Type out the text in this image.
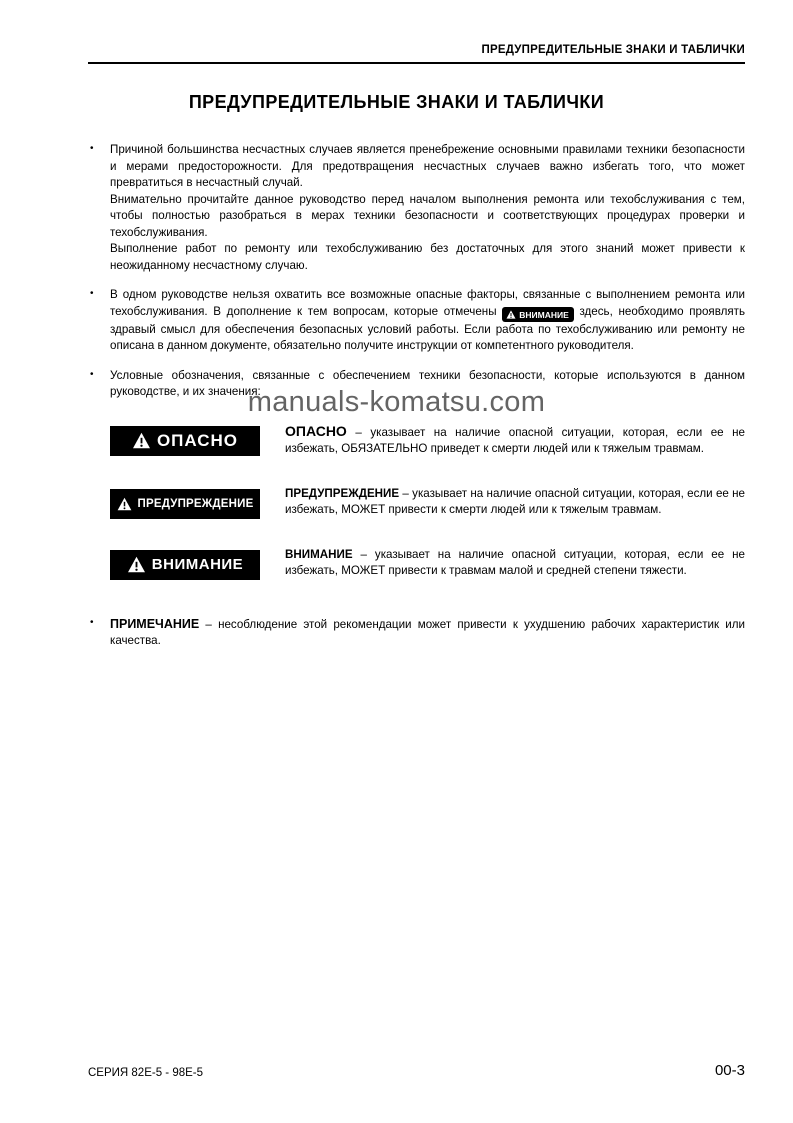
ПРЕДУПРЕДИТЕЛЬНЫЕ ЗНАКИ И ТАБЛИЧКИ
ПРЕДУПРЕДИТЕЛЬНЫЕ ЗНАКИ И ТАБЛИЧКИ
manuals-komatsu.com

• Причиной большинства несчастных случаев является пренебрежение основными правилами техники безопасности и мерами предосторожности. Для предотвращения несчастных случаев важно избегать того, что может превратиться в несчастный случай.

Внимательно прочитайте данное руководство перед началом выполнения ремонта или техобслуживания с тем, чтобы полностью разобраться в мерах техники безопасности и соответствующих процедурах проверки и техобслуживания.

Выполнение работ по ремонту или техобслуживанию без достаточных для этого знаний может привести к неожиданному несчастному случаю.

• В одном руководстве нельзя охватить все возможные опасные факторы, связанные с выполнением ремонта или техобслуживания. В дополнение к тем вопросам, которые отмечены	ВНИМАНИЕ здесь, необходимо проявлять здравый смысл для обеспечения безопасных условий работы. Если работа по техобслуживанию или ремонту не описана в данном документе, обязательно получите инструкции от компетентного руководителя.

• Условные обозначения, связанные с обеспечением техники безопасности, которые используются в данном руководстве, и их значения:

ОПАСНО	ОПАСНО – указывает на наличие опасной ситуации, которая, если ее не избежать, ОБЯЗАТЕЛЬНО приведет к смерти людей или к тяжелым травмам.

ПРЕДУПРЕЖДЕНИЕ

ПРЕДУПРЕЖДЕНИЕ – указывает на наличие опасной ситуации, которая, если ее не избежать, МОЖЕТ привести к смерти людей или к тяжелым травмам.

ВНИМАНИЕ

ВНИМАНИЕ – указывает на наличие опасной ситуации, которая, если ее не избежать, МОЖЕТ привести к травмам малой и средней степени тяжести.

• ПРИМЕЧАНИЕ – несоблюдение этой рекомендации может привести к ухудшению рабочих характеристик или качества.

СЕРИЯ 82Е-5 - 98Е-5	00-3
